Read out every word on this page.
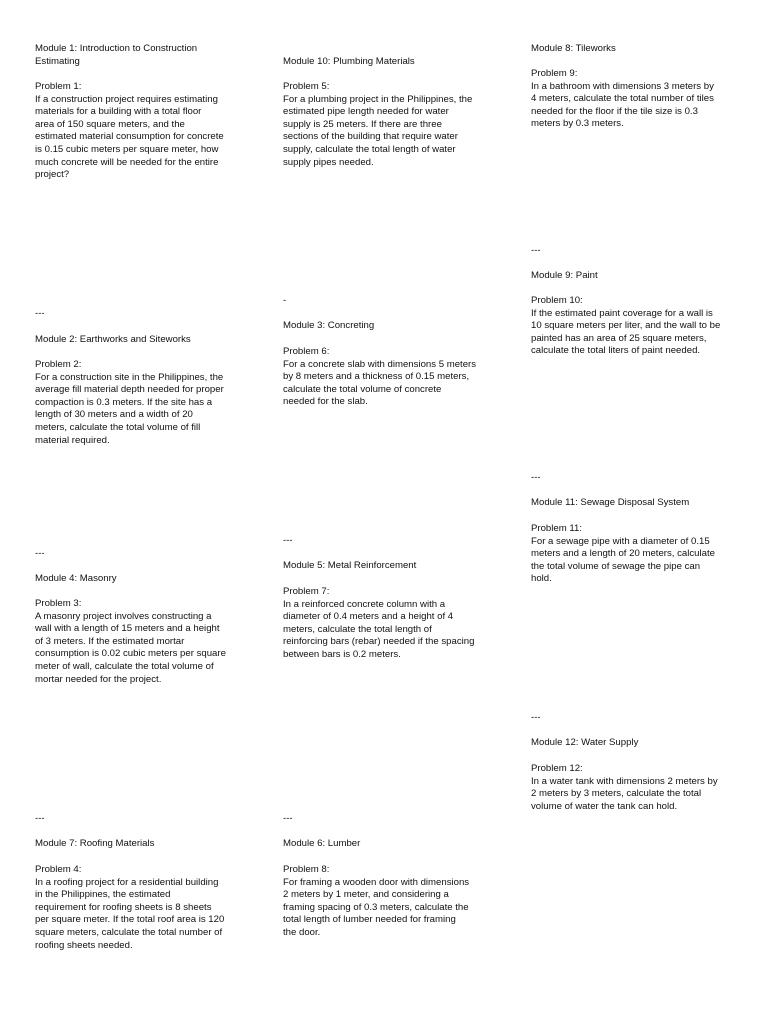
Module 1: Introduction to Construction
Estimating

Problem 1:
If a construction project requires estimating
materials for a building with a total floor
area of 150 square meters, and the
estimated material consumption for concrete
is 0.15 cubic meters per square meter, how
much concrete will be needed for the entire
project?

---

Module 2: Earthworks and Siteworks

Problem 2:
For a construction site in the Philippines, the
average fill material depth needed for proper
compaction is 0.3 meters. If the site has a
length of 30 meters and a width of 20
meters, calculate the total volume of fill
material required.

---

Module 4: Masonry

Problem 3:
A masonry project involves constructing a
wall with a length of 15 meters and a height
of 3 meters. If the estimated mortar
consumption is 0.02 cubic meters per square
meter of wall, calculate the total volume of
mortar needed for the project.

---

Module 7: Roofing Materials

Problem 4:
In a roofing project for a residential building
in the Philippines, the estimated
requirement for roofing sheets is 8 sheets
per square meter. If the total roof area is 120
square meters, calculate the total number of
roofing sheets needed.

Module 10: Plumbing Materials

Problem 5:
For a plumbing project in the Philippines, the
estimated pipe length needed for water
supply is 25 meters. If there are three
sections of the building that require water
supply, calculate the total length of water
supply pipes needed.

-

Module 3: Concreting

Problem 6:
For a concrete slab with dimensions 5 meters
by 8 meters and a thickness of 0.15 meters,
calculate the total volume of concrete
needed for the slab.

---

Module 5: Metal Reinforcement

Problem 7:
In a reinforced concrete column with a
diameter of 0.4 meters and a height of 4
meters, calculate the total length of
reinforcing bars (rebar) needed if the spacing
between bars is 0.2 meters.

---

Module 6: Lumber

Problem 8:
For framing a wooden door with dimensions
2 meters by 1 meter, and considering a
framing spacing of 0.3 meters, calculate the
total length of lumber needed for framing
the door.

Module 8: Tileworks

Problem 9:
In a bathroom with dimensions 3 meters by
4 meters, calculate the total number of tiles
needed for the floor if the tile size is 0.3
meters by 0.3 meters.

---

Module 9: Paint

Problem 10:
If the estimated paint coverage for a wall is
10 square meters per liter, and the wall to be
painted has an area of 25 square meters,
calculate the total liters of paint needed.

---

Module 11: Sewage Disposal System

Problem 11:
For a sewage pipe with a diameter of 0.15
meters and a length of 20 meters, calculate
the total volume of sewage the pipe can
hold.

---

Module 12: Water Supply

Problem 12:
In a water tank with dimensions 2 meters by
2 meters by 3 meters, calculate the total
volume of water the tank can hold.
